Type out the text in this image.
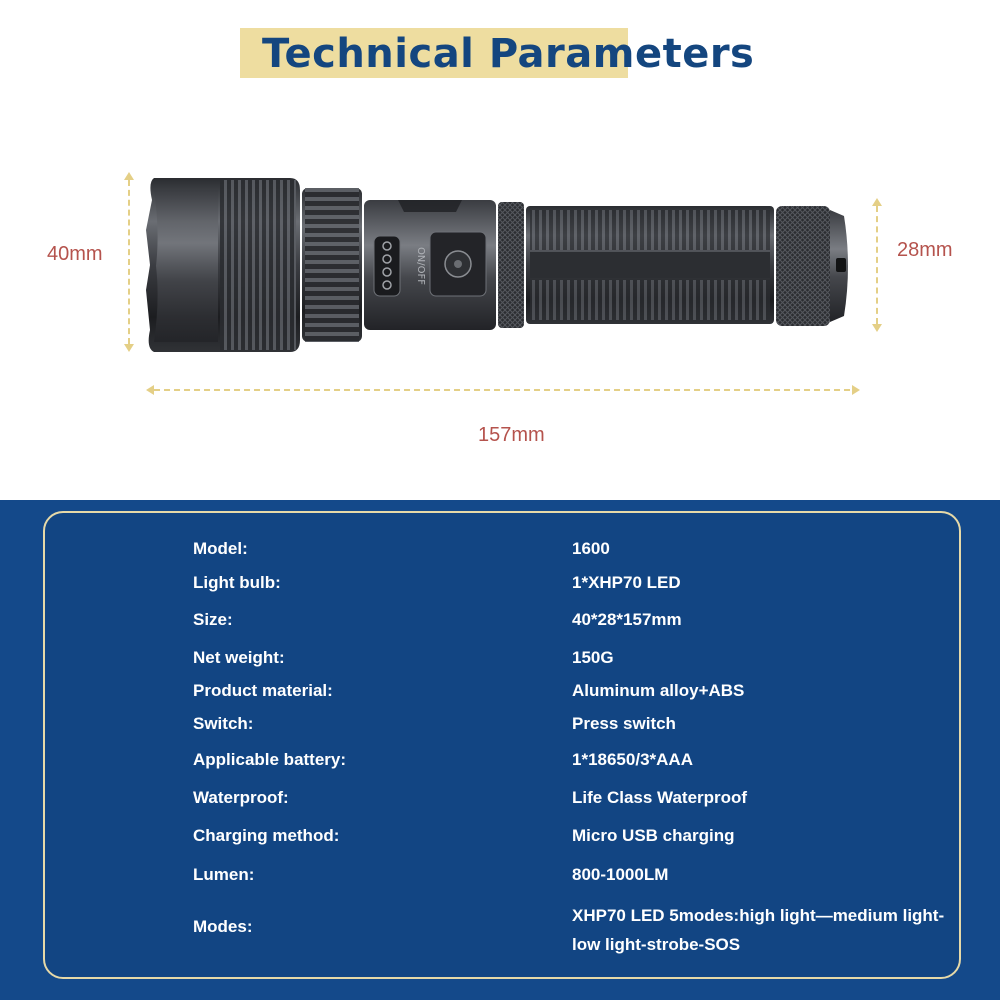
Technical Parameters
40mm	28mm
157mm
ON/OFF
Model:	1600
Light bulb:	1*XHP70 LED
Size:	40*28*157mm
Net weight:	150G
Product material:	Aluminum alloy+ABS
Switch:	Press switch
Applicable battery:	1*18650/3*AAA
Waterproof:	Life Class Waterproof
Charging method:	Micro USB charging
Lumen:	800-1000LM
Modes:
XHP70 LED 5modes:high light—medium light-
low light-strobe-SOS
